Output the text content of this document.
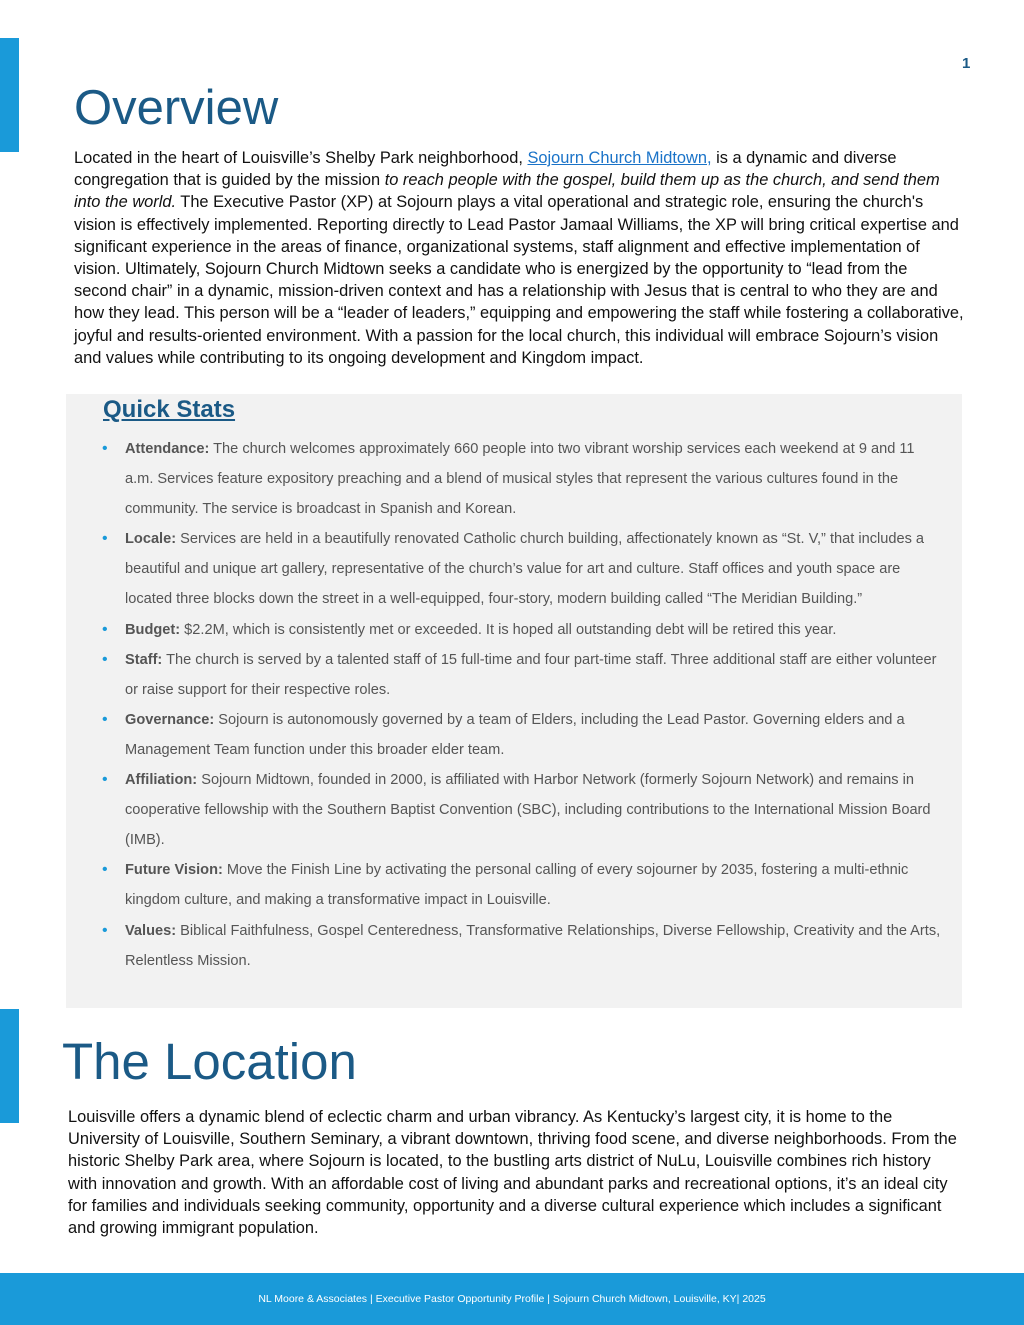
1
Overview

Located in the heart of Louisville’s Shelby Park neighborhood, Sojourn Church Midtown, is a dynamic and diverse congregation that is guided by the mission to reach people with the gospel, build them up as the church, and send them into the world. The Executive Pastor (XP) at Sojourn plays a vital operational and strategic role, ensuring the church's vision is effectively implemented. Reporting directly to Lead Pastor Jamaal Williams, the XP will bring critical expertise and significant experience in the areas of finance, organizational systems, staff alignment and effective implementation of vision. Ultimately, Sojourn Church Midtown seeks a candidate who is energized by the opportunity to “lead from the second chair” in a dynamic, mission-driven context and has a relationship with Jesus that is central to who they are and how they lead. This person will be a “leader of leaders,” equipping and empowering the staff while fostering a collaborative, joyful and results-oriented environment. With a passion for the local church, this individual will embrace Sojourn’s vision and values while contributing to its ongoing development and Kingdom impact.

Quick Stats
• Attendance: The church welcomes approximately 660 people into two vibrant worship services each weekend at 9 and 11 a.m. Services feature expository preaching and a blend of musical styles that represent the various cultures found in the community. The service is broadcast in Spanish and Korean.
• Locale: Services are held in a beautifully renovated Catholic church building, affectionately known as “St. V,” that includes a beautiful and unique art gallery, representative of the church’s value for art and culture. Staff offices and youth space are located three blocks down the street in a well-equipped, four-story, modern building called “The Meridian Building.”
• Budget: $2.2M, which is consistently met or exceeded. It is hoped all outstanding debt will be retired this year.
• Staff: The church is served by a talented staff of 15 full-time and four part-time staff. Three additional staff are either volunteer or raise support for their respective roles.
• Governance: Sojourn is autonomously governed by a team of Elders, including the Lead Pastor. Governing elders and a Management Team function under this broader elder team.
• Affiliation: Sojourn Midtown, founded in 2000, is affiliated with Harbor Network (formerly Sojourn Network) and remains in cooperative fellowship with the Southern Baptist Convention (SBC), including contributions to the International Mission Board (IMB).
• Future Vision: Move the Finish Line by activating the personal calling of every sojourner by 2035, fostering a multi-ethnic kingdom culture, and making a transformative impact in Louisville.
• Values: Biblical Faithfulness, Gospel Centeredness, Transformative Relationships, Diverse Fellowship, Creativity and the Arts, Relentless Mission.
The Location

Louisville offers a dynamic blend of eclectic charm and urban vibrancy. As Kentucky’s largest city, it is home to the University of Louisville, Southern Seminary, a vibrant downtown, thriving food scene, and diverse neighborhoods. From the historic Shelby Park area, where Sojourn is located, to the bustling arts district of NuLu, Louisville combines rich history with innovation and growth. With an affordable cost of living and abundant parks and recreational options, it’s an ideal city for families and individuals seeking community, opportunity and a diverse cultural experience which includes a significant and growing immigrant population.

NL Moore & Associates | Executive Pastor Opportunity Profile | Sojourn Church Midtown, Louisville, KY| 2025
